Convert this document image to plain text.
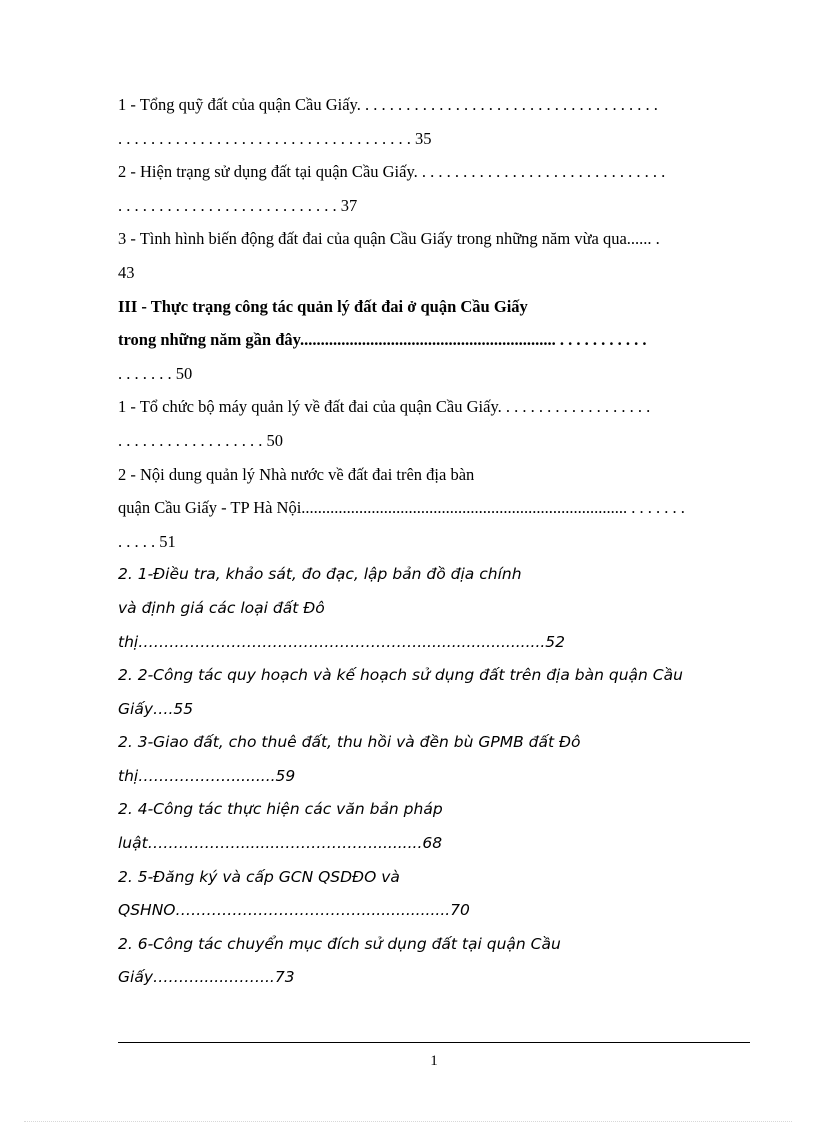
1 - Tổng quỹ đất của quận Cầu Giấy. . . . . . . . . . . . . . . . . . . . . . . . . . . . . . . . . . . . .
. . . . . . . . . . . . . . . . . . . . . . . . . . . . . . . . . . . . 35
2 - Hiện trạng sử dụng đất tại quận Cầu Giấy. . . . . . . . . . . . . . . . . . . . . . . . . . . . . . .
. . . . . . . . . . . . . . . . . . . . . . . . . . . 37
3 - Tình hình biến động đất đai của quận Cầu Giấy trong những năm vừa qua...... .
43
III - Thực trạng công tác quản lý đất đai ở quận Cầu Giấy
trong những năm gần đây.............................................................. . . . . . . . . . . .
. . . . . . . 50
1 - Tổ chức bộ máy quản lý về đất đai của quận Cầu Giấy. . . . . . . . . . . . . . . . . . .
. . . . . . . . . . . . . . . . . . 50
2 - Nội dung quản lý Nhà nước về đất đai trên địa bàn
quận Cầu Giấy - TP Hà Nội............................................................................... . . . . . . .
. . . . . 51
2. 1-Điều tra, khảo sát, đo đạc, lập bản đồ địa chính
và định giá các loại đất Đô
thị………………………………………………..........................52
2. 2-Công tác quy hoạch và kế hoạch sử dụng đất trên địa bàn quận Cầu
Giấy….55
2. 3-Giao đất, cho thuê đất, thu hồi và đền bù GPMB đất Đô
thị……………….........59
2. 4-Công tác thực hiện các văn bản pháp
luật………………........………………..........68
2. 5-Đăng ký và cấp GCN QSDĐO và
QSHNO………………………………..................70
2. 6-Công tác chuyển mục đích sử dụng đất tại quận Cầu
Giấy………......……...73
1
